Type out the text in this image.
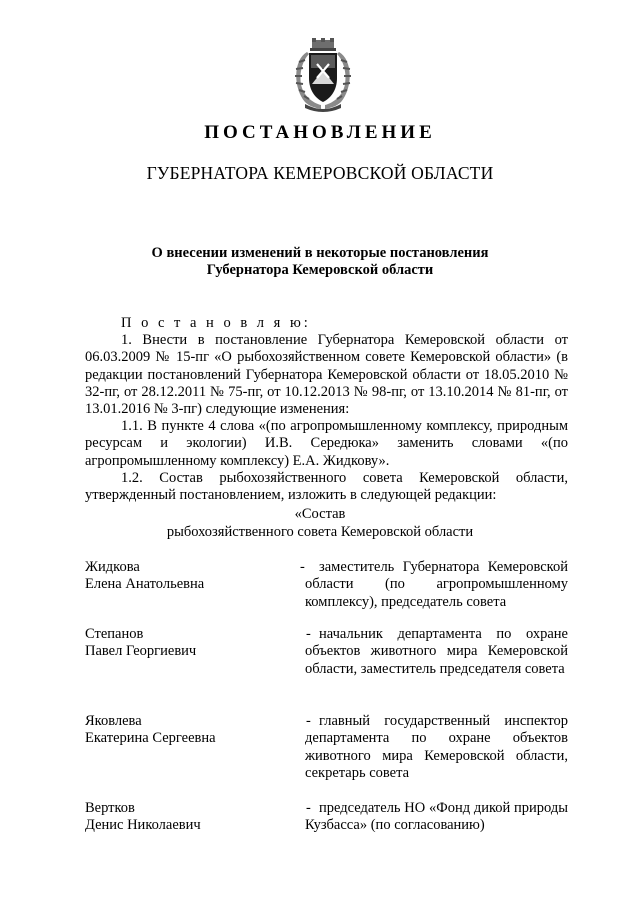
ПОСТАНОВЛЕНИЕ
ГУБЕРНАТОРА КЕМЕРОВСКОЙ ОБЛАСТИ
О внесении изменений в некоторые постановления
Губернатора Кемеровской области

П о с т а н о в л я ю:

1. Внести в постановление Губернатора Кемеровской области от 06.03.2009 № 15-пг «О рыбохозяйственном совете Кемеровской области» (в редакции постановлений Губернатора Кемеровской области от 18.05.2010 № 32-пг, от 28.12.2011 № 75-пг, от 10.12.2013 № 98-пг, от 13.10.2014 № 81-пг, от 13.01.2016 № 3-пг) следующие изменения:

1.1. В пункте 4 слова «(по агропромышленному комплексу, природным ресурсам и экологии) И.В. Середюка» заменить словами «(по агропромышленному комплексу) Е.А. Жидкову».

1.2. Состав рыбохозяйственного совета Кемеровской области, утвержденный постановлением, изложить в следующей редакции:

«Состав
рыбохозяйственного совета Кемеровской области
Жидкова
Елена Анатольевна
- заместитель Губернатора Кемеровской области (по агропромышленному комплексу), председатель совета
Степанов
Павел Георгиевич
- начальник департамента по охране объектов животного мира Кемеровской области, заместитель председателя совета
Яковлева
Екатерина Сергеевна
- главный государственный инспектор департамента по охране объектов животного мира Кемеровской области, секретарь совета
Вертков
Денис Николаевич
- председатель НО «Фонд дикой природы Кузбасса» (по согласованию)
